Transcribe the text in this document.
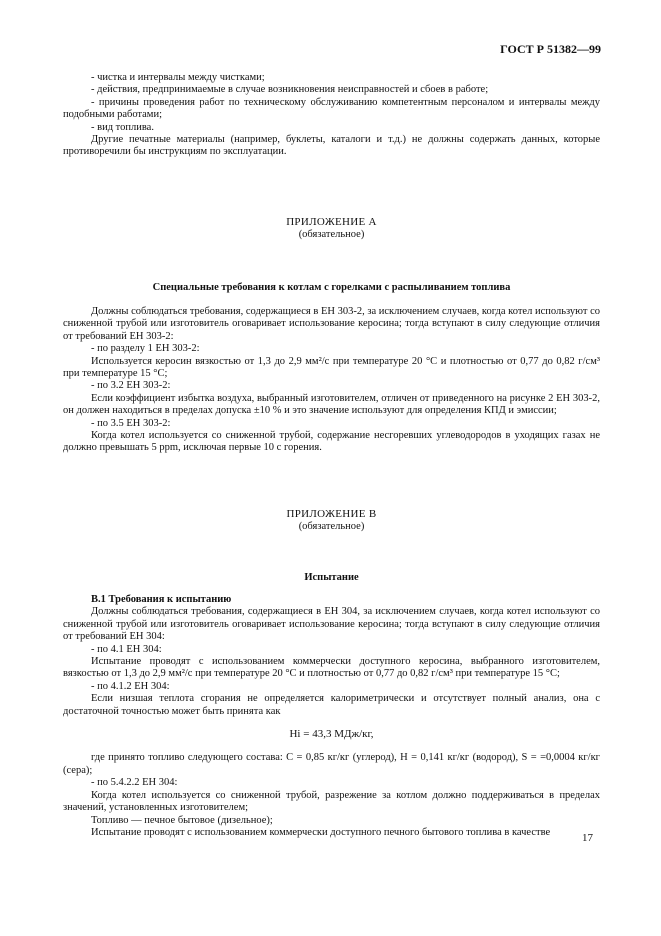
ГОСТ Р 51382—99

- чистка и интервалы между чистками;

- действия, предпринимаемые в случае возникновения неисправностей и сбоев в работе;

- причины проведения работ по техническому обслуживанию компетентным персоналом и интервалы между подобными работами;

- вид топлива.

Другие печатные материалы (например, буклеты, каталоги и т.д.) не должны содержать данных, которые противоречили бы инструкциям по эксплуатации.

ПРИЛОЖЕНИЕ А
(обязательное)
Специальные требования к котлам с горелками с распыливанием топлива

Должны соблюдаться требования, содержащиеся в ЕН 303-2, за исключением случаев, когда котел используют со сниженной трубой или изготовитель оговаривает использование керосина; тогда вступают в силу следующие отличия от требований ЕН 303-2:

- по разделу 1 ЕН 303-2:

Используется керосин вязкостью от 1,3 до 2,9 мм²/с при температуре 20 °С и плотностью от 0,77 до 0,82 г/см³ при температуре 15 °С;

- по 3.2 ЕН 303-2:

Если коэффициент избытка воздуха, выбранный изготовителем, отличен от приведенного на рисунке 2 ЕН 303-2, он должен находиться в пределах допуска ±10 % и это значение используют для определения КПД и эмиссии;

- по 3.5 ЕН 303-2:

Когда котел используется со сниженной трубой, содержание несгоревших углеводородов в уходящих газах не должно превышать 5 ppm, исключая первые 10 с горения.

ПРИЛОЖЕНИЕ В
(обязательное)
Испытание

В.1 Требования к испытанию

Должны соблюдаться требования, содержащиеся в ЕН 304, за исключением случаев, когда котел используют со сниженной трубой или изготовитель оговаривает использование керосина; тогда вступают в силу следующие отличия от требований ЕН 304:

- по 4.1 ЕН 304:

Испытание проводят с использованием коммерчески доступного керосина, выбранного изготовителем, вязкостью от 1,3 до 2,9 мм²/с при температуре 20 °С и плотностью от 0,77 до 0,82 г/см³ при температуре 15 °С;

- по 4.1.2 ЕН 304:

Если низшая теплота сгорания не определяется калориметрически и отсутствует полный анализ, она с достаточной точностью может быть принята как

Hi = 43,3 МДж/кг,

где принято топливо следующего состава: С = 0,85 кг/кг (углерод), Н = 0,141 кг/кг (водород), S = =0,0004 кг/кг (сера);

- по 5.4.2.2 ЕН 304:

Когда котел используется со сниженной трубой, разрежение за котлом должно поддерживаться в пределах значений, установленных изготовителем;

Топливо — печное бытовое (дизельное);

Испытание проводят с использованием коммерчески доступного печного бытового топлива в качестве	17
